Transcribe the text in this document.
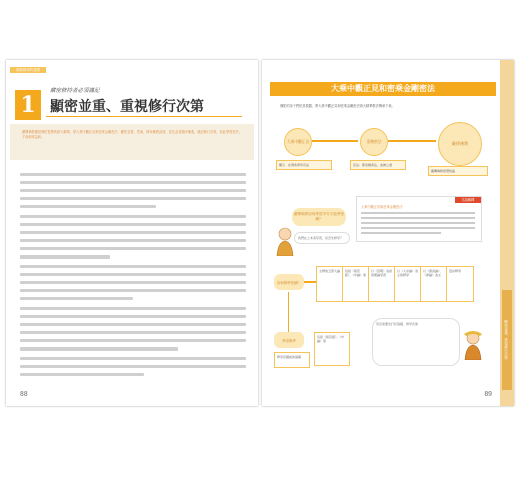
佛教修持的基礎
1
藏密修持者必須謹記
顯密並重、重視修行次第
藏傳佛教雖是佛陀智慧的兩大精華，即大乘中觀正見和密乘金剛密法，顯密並重，然而，修持佛教甚深，並先必須循序漸進，謹記修行次第，如此學習密法，才會相得益彰。
88
顯密並重、重視修行次第
大乘中觀正見和密乘金剛密法
佛陀的弟子們依其根器，將大乘中觀正見和密乘金剛密法兩大精華教法傳承下來。
大乘中觀正見	金剛密法	藏傳佛教
顯示、在現象界所有法	密法：即金剛乘法，成佛之道
藏傳佛教智慧結晶
藏傳佛教如何學習多年才能學密續？
名詞解釋
大乘中觀正見和密乘金剛密法
我們在上本書學習，是否先修學？
如何修學密續？
主修的五部大論	包括《般若經》、《中論》等
以《因明》為首的理論學習
以《入中論》為主的修學
以《俱舍論》、《律論》為主
逐步修學
學習修學
修學密續前的基礎
包括《般若經》、《中論》等
學密前要先打好基礎，修學次第
89
